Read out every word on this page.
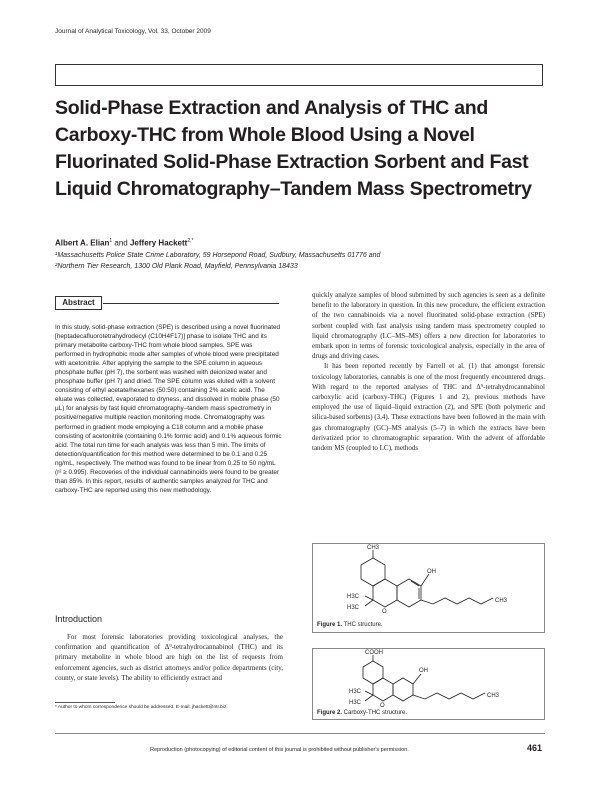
Journal of Analytical Toxicology, Vol. 33, October 2009
Solid-Phase Extraction and Analysis of THC and Carboxy-THC from Whole Blood Using a Novel Fluorinated Solid-Phase Extraction Sorbent and Fast Liquid Chromatography–Tandem Mass Spectrometry
Albert A. Elian$^1$ and Jeffery Hackett$^{2,*}$
¹Massachusetts Police State Crime Laboratory, 59 Horsepond Road, Sudbury, Massachusetts 01776 and
²Northern Tier Research, 1300 Old Plank Road, Mayfield, Pennsylvania 18433
Abstract
In this study, solid-phase extraction (SPE) is described using a novel fluorinated [heptadecafluorotetrahydrodecyl (C10H4F17)] phase to isolate THC and its primary metabolite carboxy-THC from whole blood samples. SPE was performed in hydrophobic mode after samples of whole blood were precipitated with acetonitrile. After applying the sample to the SPE column in aqueous phosphate buffer (pH 7), the sorbent was washed with deionized water and phosphate buffer (pH 7) and dried. The SPE column was eluted with a solvent consisting of ethyl acetate/hexanes (50:50) containing 2% acetic acid. The eluate was collected, evaporated to dryness, and dissolved in mobile phase (50 µL) for analysis by fast liquid chromatography–tandem mass spectrometry in positive/negative multiple reaction monitoring mode. Chromatography was performed in gradient mode employing a C18 column and a mobile phase consisting of acetonitrile (containing 0.1% formic acid) and 0.1% aqueous formic acid. The total run time for each analysis was less than 5 min. The limits of detection/quantification for this method were determined to be 0.1 and 0.25 ng/mL, respectively. The method was found to be linear from 0.25 to 50 ng/mL (r² ≥ 0.995). Recoveries of the individual cannabinoids were found to be greater than 85%. In this report, results of authentic samples analyzed for THC and carboxy-THC are reported using this new methodology.
Introduction
For most forensic laboratories providing toxicological analyses, the confirmation and quantification of Δ⁹-tetrahydrocannabinol (THC) and its primary metabolite in whole blood are high on the list of requests from enforcement agencies, such as district attorneys and/or police departments (city, county, or state levels). The ability to efficiently extract and
* Author to whom correspondence should be addressed. E-mail: jhackett@ntr.biz.

quickly analyze samples of blood submitted by such agencies is seen as a definite benefit to the laboratory in question. In this new procedure, the efficient extraction of the two cannabinoids via a novel fluorinated solid-phase extraction (SPE) sorbent coupled with fast analysis using tandem mass spectrometry coupled to liquid chromatography (LC–MS–MS) offers a new direction for laboratories to embark upon in terms of forensic toxicological analysis, especially in the area of drugs and driving cases.

It has been reported recently by Farrell et al. (1) that amongst forensic toxicology laboratories, cannabis is one of the most frequently encountered drugs. With regard to the reported analyses of THC and Δ⁹-tetrahydrocannabinol carboxylic acid (carboxy-THC) (Figures 1 and 2), previous methods have employed the use of liquid–liquid extraction (2), and SPE (both polymeric and silica-based sorbents) (3,4). These extractions have been followed in the main with gas chromatography (GC)–MS analysis (5–7) in which the extracts have been derivatized prior to chromatographic separation. With the advent of affordable tandem MS (coupled to LC), methods

CH3
OH
H3C
H3C
O
CH3
Figure 1. THC structure.
COOH
OH
H3C
H3C	O
CH3
Figure 2. Carboxy-THC structure.
Reproduction (photocopying) of editorial content of this journal is prohibited without publisher's permission.	461
